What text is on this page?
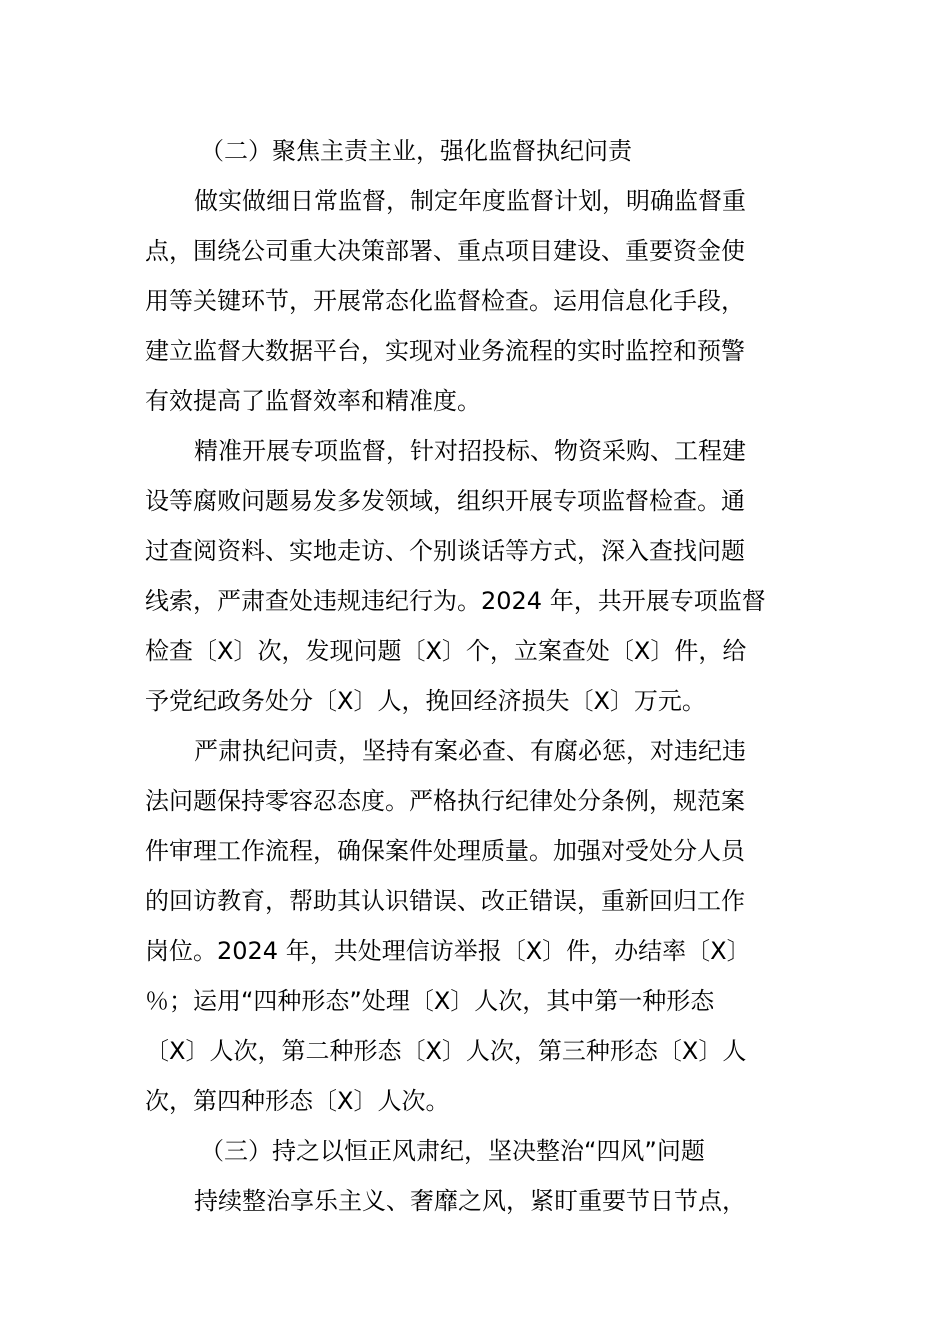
（二）聚焦主责主业，强化监督执纪问责
做实做细日常监督，制定年度监督计划，明确监督重
点，围绕公司重大决策部署、重点项目建设、重要资金使
用等关键环节，开展常态化监督检查。运用信息化手段，
建立监督大数据平台，实现对业务流程的实时监控和预警
有效提高了监督效率和精准度。
精准开展专项监督，针对招投标、物资采购、工程建
设等腐败问题易发多发领域，组织开展专项监督检查。通
过查阅资料、实地走访、个别谈话等方式，深入查找问题
线索，严肃查处违规违纪行为。2024 年，共开展专项监督
检查〔X〕次，发现问题〔X〕个，立案查处〔X〕件，给
予党纪政务处分〔X〕人，挽回经济损失〔X〕万元。
严肃执纪问责，坚持有案必查、有腐必惩，对违纪违
法问题保持零容忍态度。严格执行纪律处分条例，规范案
件审理工作流程，确保案件处理质量。加强对受处分人员
的回访教育，帮助其认识错误、改正错误，重新回归工作
岗位。2024 年，共处理信访举报〔X〕件，办结率〔X〕
％；运用“四种形态”处理〔X〕人次，其中第一种形态
〔X〕人次，第二种形态〔X〕人次，第三种形态〔X〕人
次，第四种形态〔X〕人次。
（三）持之以恒正风肃纪，坚决整治“四风”问题
持续整治享乐主义、奢靡之风，紧盯重要节日节点，
